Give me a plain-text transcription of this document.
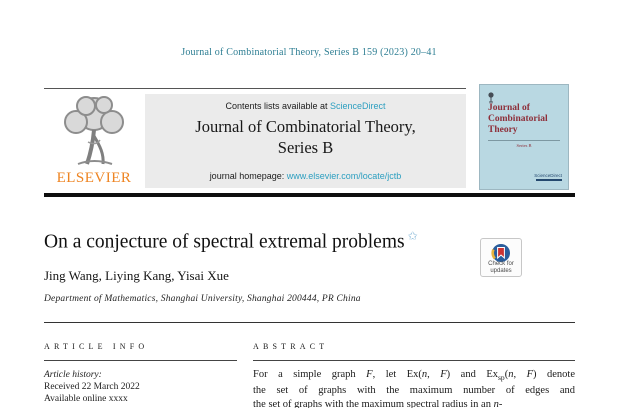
Journal of Combinatorial Theory, Series B 159 (2023) 20–41
ELSEVIER
Contents lists available at ScienceDirect
Journal of Combinatorial Theory,
Series B
journal homepage: www.elsevier.com/locate/jctb
Journal of Combinatorial Theory
Series B
ScienceDirect
On a conjecture of spectral extremal problems ✩
Check for
updates
Jing Wang, Liying Kang, Yisai Xue
Department of Mathematics, Shanghai University, Shanghai 200444, PR China
ARTICLE INFO	ABSTRACT
Article history:
Received 22 March 2022
Available online xxxx
For a simple graph F, let Ex(n, F) and $Ex_{sp}(n$, F) denote
the set of graphs with the maximum number of edges and
the set of graphs with the maximum spectral radius in an n-
